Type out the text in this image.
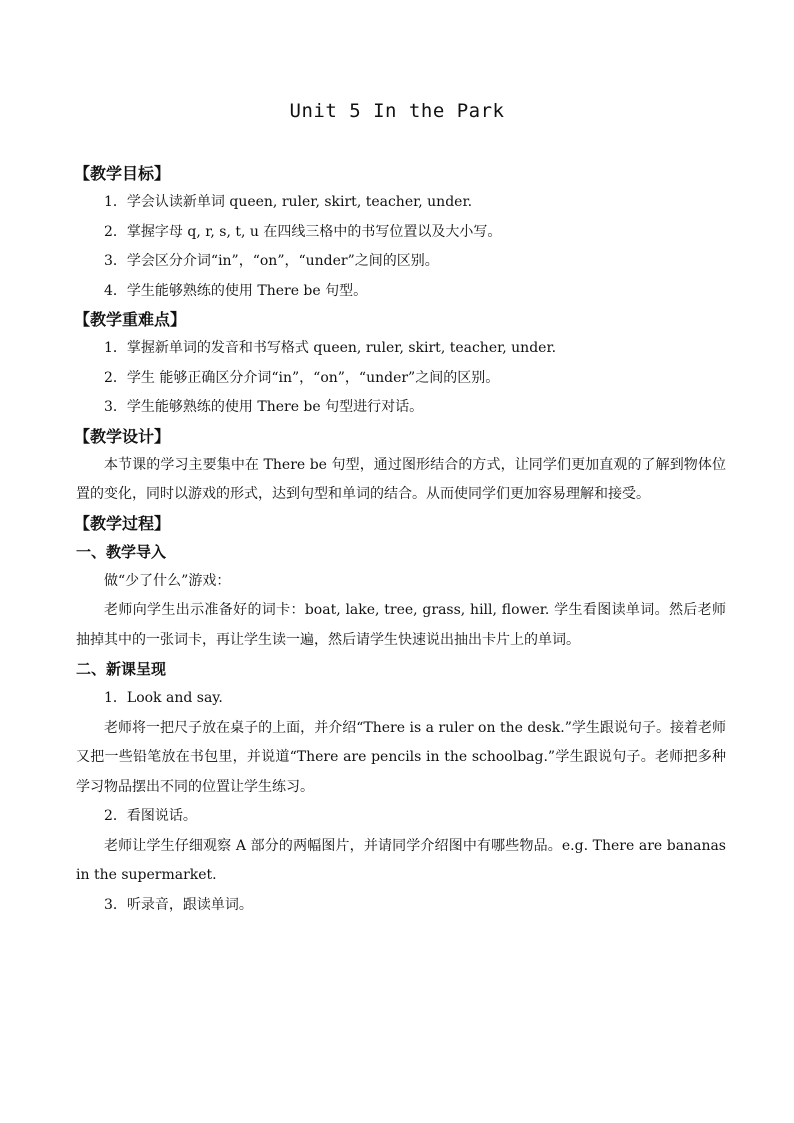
Unit 5 In the Park
【教学目标】
1．学会认读新单词 queen, ruler, skirt, teacher, under.
2．掌握字母 q, r, s, t, u 在四线三格中的书写位置以及大小写。
3．学会区分介词“in”，“on”，“under”之间的区别。
4．学生能够熟练的使用 There be 句型。
【教学重难点】
1．掌握新单词的发音和书写格式 queen, ruler, skirt, teacher, under.
2．学生 能够正确区分介词“in”，“on”，“under”之间的区别。
3．学生能够熟练的使用 There be 句型进行对话。
【教学设计】

本节课的学习主要集中在 There be 句型，通过图形结合的方式，让同学们更加直观的了解到物体位置的变化，同时以游戏的形式，达到句型和单词的结合。从而使同学们更加容易理解和接受。

【教学过程】
一、教学导入
做“少了什么”游戏：

老师向学生出示准备好的词卡：boat, lake, tree, grass, hill, flower. 学生看图读单词。然后老师抽掉其中的一张词卡，再让学生读一遍，然后请学生快速说出抽出卡片上的单词。

二、新课呈现
1．Look and say.

老师将一把尺子放在桌子的上面，并介绍“There is a ruler on the desk.”学生跟说句子。接着老师又把一些铅笔放在书包里，并说道“There are pencils in the schoolbag.”学生跟说句子。老师把多种学习物品摆出不同的位置让学生练习。

2．看图说话。

老师让学生仔细观察 A 部分的两幅图片，并请同学介绍图中有哪些物品。e.g. There are bananas in the supermarket.

3．听录音，跟读单词。
